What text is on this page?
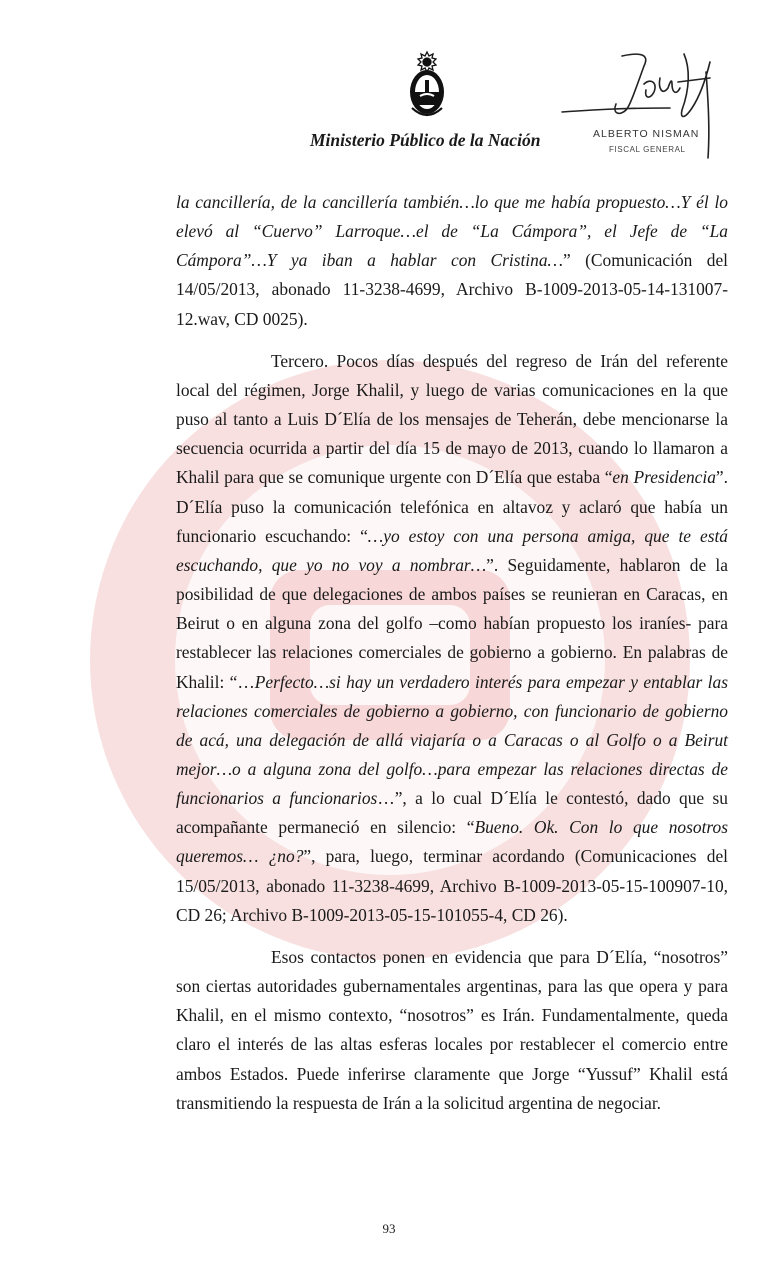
Ministerio Público de la Nación	ALBERTO NISMAN
FISCAL GENERAL

la cancillería, de la cancillería también…lo que me había propuesto…Y él lo elevó al “Cuervo” Larroque…el de “La Cámpora”, el Jefe de “La Cámpora”…Y ya iban a hablar con Cristina…” (Comunicación del 14/05/2013, abonado 11-3238-4699, Archivo B-1009-2013-05-14-131007-12.wav, CD 0025).

Tercero. Pocos días después del regreso de Irán del referente local del régimen, Jorge Khalil, y luego de varias comunicaciones en la que puso al tanto a Luis D´Elía de los mensajes de Teherán, debe mencionarse la secuencia ocurrida a partir del día 15 de mayo de 2013, cuando lo llamaron a Khalil para que se comunique urgente con D´Elía que estaba “en Presidencia”. D´Elía puso la comunicación telefónica en altavoz y aclaró que había un funcionario escuchando: “…yo estoy con una persona amiga, que te está escuchando, que yo no voy a nombrar…”. Seguidamente, hablaron de la posibilidad de que delegaciones de ambos países se reunieran en Caracas, en Beirut o en alguna zona del golfo –como habían propuesto los iraníes- para restablecer las relaciones comerciales de gobierno a gobierno. En palabras de Khalil: “…Perfecto…si hay un verdadero interés para empezar y entablar las relaciones comerciales de gobierno a gobierno, con funcionario de gobierno de acá, una delegación de allá viajaría o a Caracas o al Golfo o a Beirut mejor…o a alguna zona del golfo…para empezar las relaciones directas de funcionarios a funcionarios…”, a lo cual D´Elía le contestó, dado que su acompañante permaneció en silencio: “Bueno. Ok. Con lo que nosotros queremos… ¿no?”, para, luego, terminar acordando (Comunicaciones del 15/05/2013, abonado 11-3238-4699, Archivo B-1009-2013-05-15-100907-10, CD 26; Archivo B-1009-2013-05-15-101055-4, CD 26).

Esos contactos ponen en evidencia que para D´Elía, “nosotros” son ciertas autoridades gubernamentales argentinas, para las que opera y para Khalil, en el mismo contexto, “nosotros” es Irán. Fundamentalmente, queda claro el interés de las altas esferas locales por restablecer el comercio entre ambos Estados. Puede inferirse claramente que Jorge “Yussuf” Khalil está transmitiendo la respuesta de Irán a la solicitud argentina de negociar.

93
